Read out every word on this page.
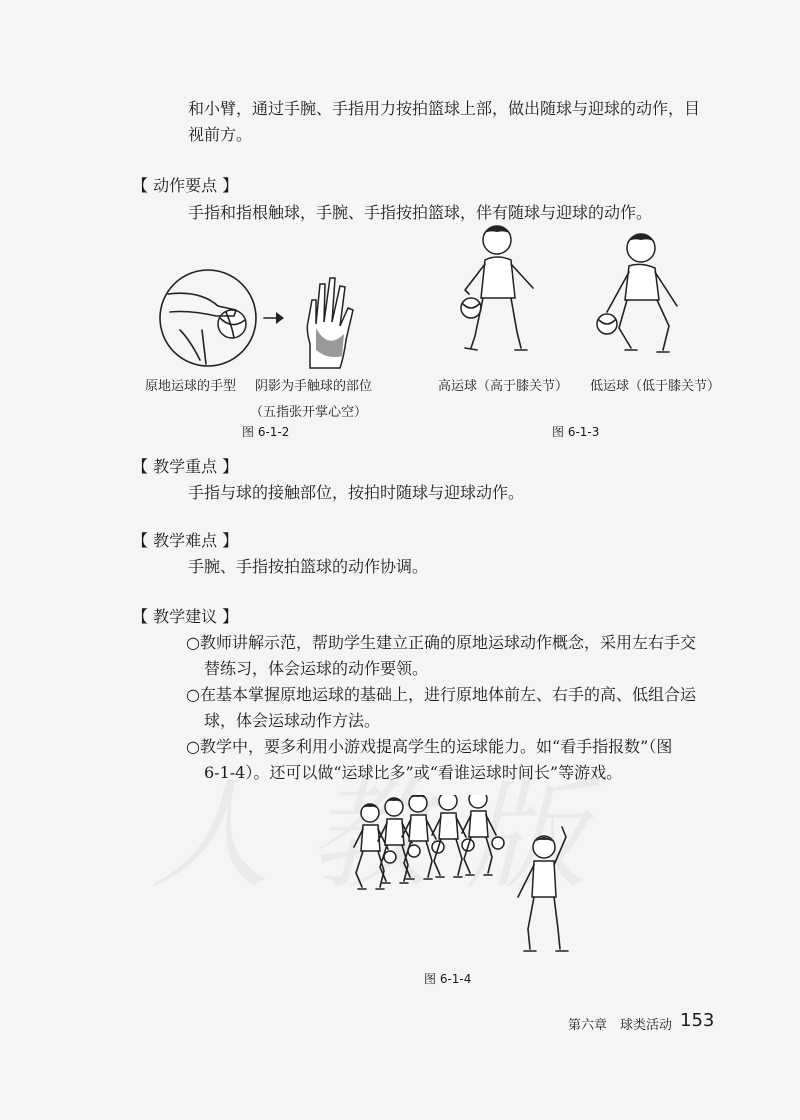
和小臂，通过手腕、手指用力按拍篮球上部，做出随球与迎球的动作，目
视前方。
【 动作要点 】
手指和指根触球，手腕、手指按拍篮球，伴有随球与迎球的动作。
原地运球的手型 阴影为手触球的部位
（五指张开掌心空）
高运球（高于膝关节） 低运球（低于膝关节）
图 6-1-2	图 6-1-3
【 教学重点 】
手指与球的接触部位，按拍时随球与迎球动作。
【 教学难点 】
手腕、手指按拍篮球的动作协调。
【 教学建议 】
○教师讲解示范，帮助学生建立正确的原地运球动作概念，采用左右手交
替练习，体会运球的动作要领。
○在基本掌握原地运球的基础上，进行原地体前左、右手的高、低组合运
球，体会运球动作方法。
○教学中，要多利用小游戏提高学生的运球能力。如“看手指报数”（图
6-1-4）。还可以做“运球比多”或“看谁运球时间长”等游戏。
图 6-1-4
第六章　球类活动 153
